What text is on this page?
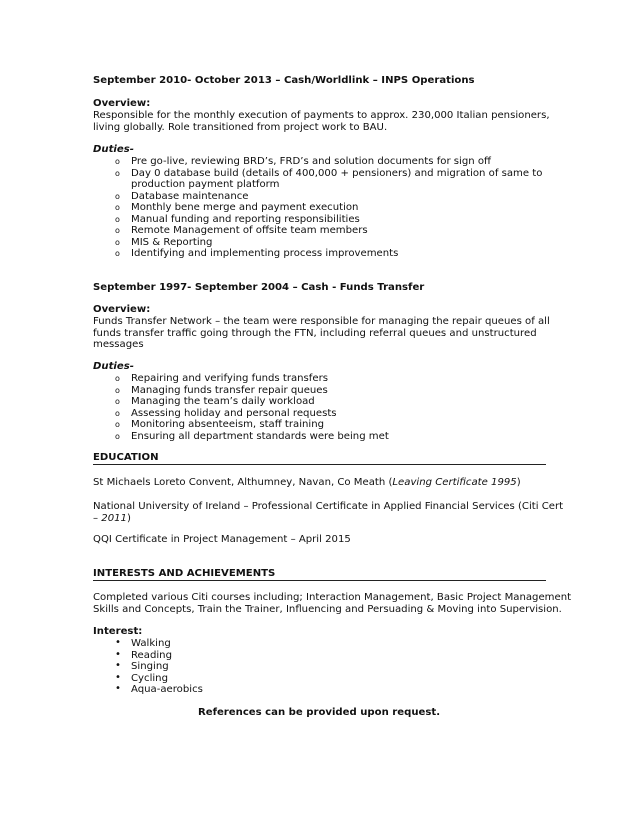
September 2010- October 2013 – Cash/Worldlink – INPS Operations
Overview:
Responsible for the monthly execution of payments to approx. 230,000 Italian pensioners,
living globally. Role transitioned from project work to BAU.
Duties-
o Pre go-live, reviewing BRD’s, FRD’s and solution documents for sign off
o Day 0 database build (details of 400,000 + pensioners) and migration of same to
production payment platform
o Database maintenance
o Monthly bene merge and payment execution
o Manual funding and reporting responsibilities
o Remote Management of offsite team members
o MIS & Reporting
o Identifying and implementing process improvements
September 1997- September 2004 – Cash - Funds Transfer
Overview:
Funds Transfer Network – the team were responsible for managing the repair queues of all
funds transfer traffic going through the FTN, including referral queues and unstructured
messages
Duties-
o Repairing and verifying funds transfers
o Managing funds transfer repair queues
o Managing the team’s daily workload
o Assessing holiday and personal requests
o Monitoring absenteeism, staff training
o Ensuring all department standards were being met
EDUCATION
St Michaels Loreto Convent, Althumney, Navan, Co Meath (Leaving Certificate 1995)
National University of Ireland – Professional Certificate in Applied Financial Services (Citi Cert
– 2011)
QQI Certificate in Project Management – April 2015
INTERESTS AND ACHIEVEMENTS
Completed various Citi courses including; Interaction Management, Basic Project Management
Skills and Concepts, Train the Trainer, Influencing and Persuading & Moving into Supervision.
Interest:
• Walking
• Reading
• Singing
• Cycling
• Aqua-aerobics
References can be provided upon request.
